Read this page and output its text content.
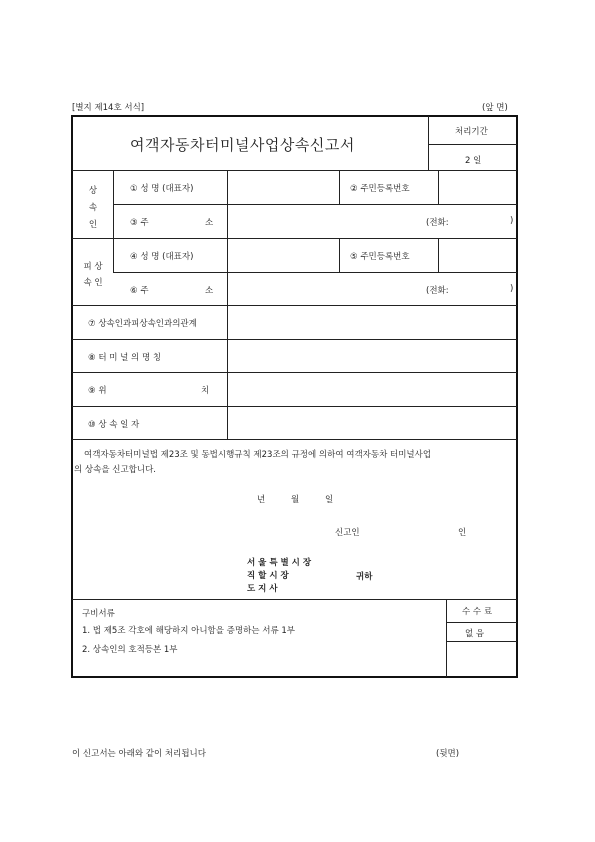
[별지 제14호 서식]	(앞 면)
여객자동차터미널사업상속신고서
처리기간
2 일
상
속
인
① 성 명 (대표자)	② 주민등록번호
③ 주	소	(전화:	)
피 상
속 인
④ 성 명 (대표자)	⑤ 주민등록번호
⑥ 주	소	(전화:	)
⑦ 상속인과피상속인과의관계
⑧ 터 미 널 의 명 칭
⑨ 위	치
⑩ 상 속 일 자
여객자동차터미널법 제23조 및 동법시행규칙 제23조의 규정에 의하여 여객자동차 터미널사업
의 상속을 신고합니다.
년	월	일
신고인	인
서 울 특 별 시 장
직 할 시 장
도 지 사
귀하
구비서류
1. 법 제5조 각호에 해당하지 아니함을 증명하는 서류 1부
2. 상속인의 호적등본 1부
수 수 료
없 음
이 신고서는 아래와 같이 처리됩니다	(뒷면)
